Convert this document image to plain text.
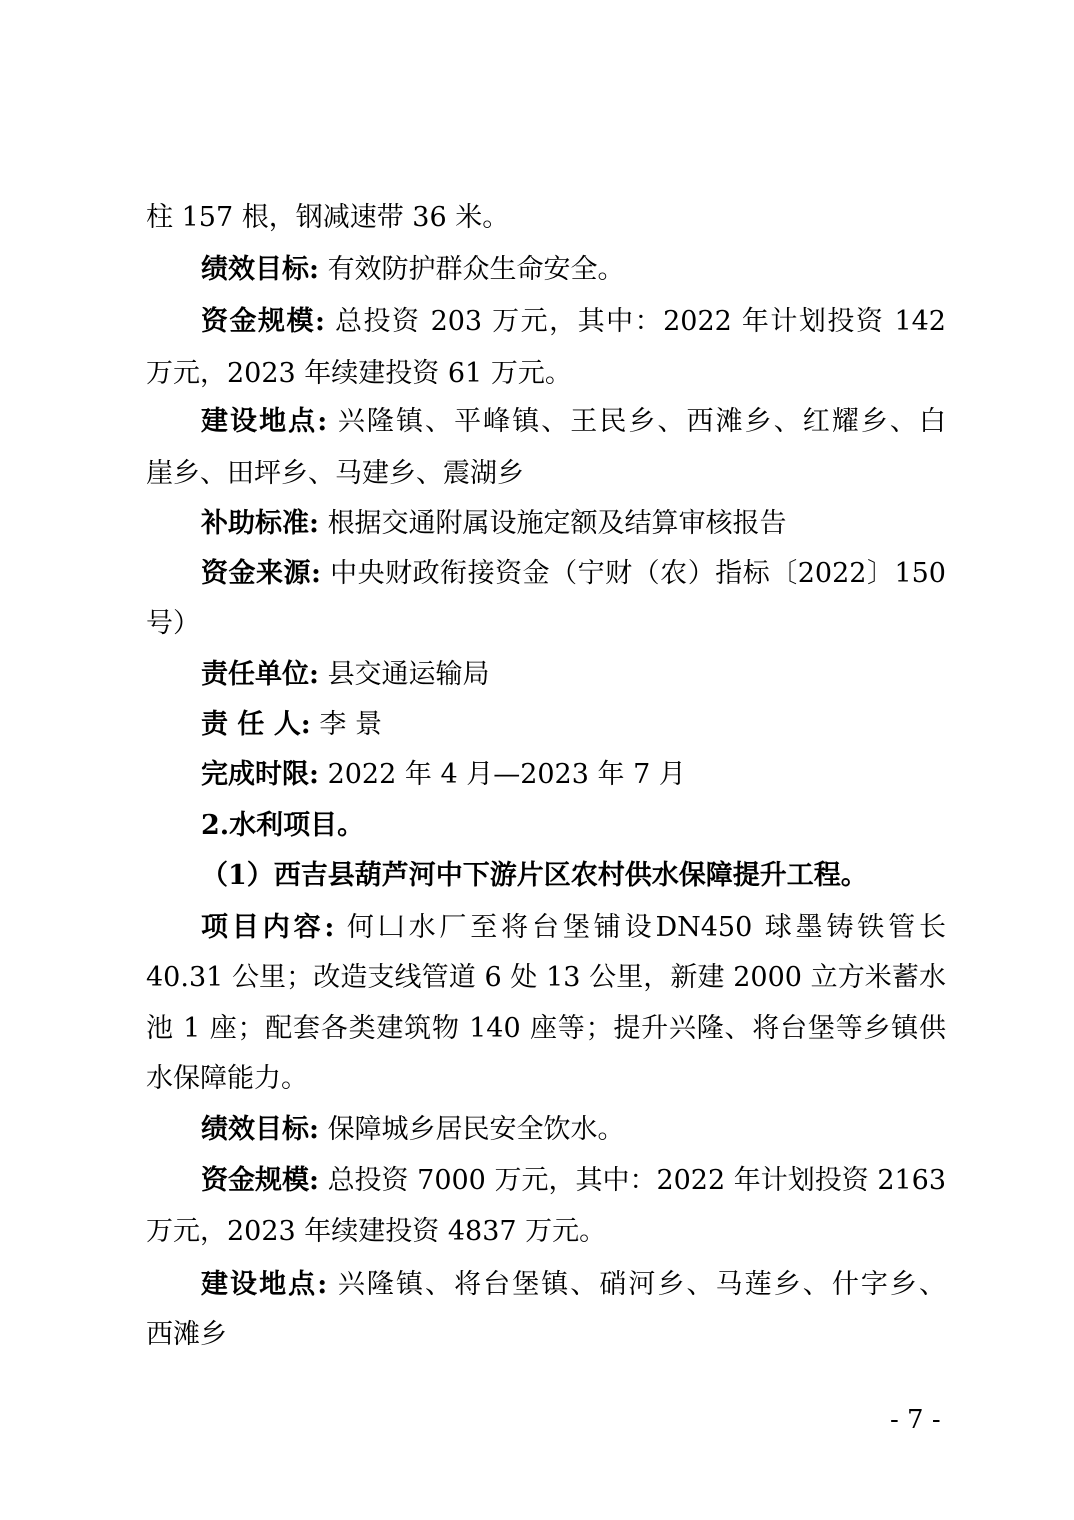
柱 157 根，钢减速带 36 米。
绩效目标: 有效防护群众生命安全。
资金规模: 总投资 203 万元，其中：2022 年计划投资 142
万元，2023 年续建投资 61 万元。
建设地点: 兴隆镇、平峰镇、王民乡、西滩乡、红耀乡、白
崖乡、田坪乡、马建乡、震湖乡
补助标准: 根据交通附属设施定额及结算审核报告
资金来源: 中央财政衔接资金（宁财（农）指标〔2022〕150
号）
责任单位: 县交通运输局
责 任 人: 李 景
完成时限: 2022 年 4 月—2023 年 7 月
2.水利项目。
（1）西吉县葫芦河中下游片区农村供水保障提升工程。
项目内容: 何⼐水厂至将台堡铺设DN450 球墨铸铁管长
40.31 公里；改造支线管道 6 处 13 公里，新建 2000 立方米蓄水
池 1 座；配套各类建筑物 140 座等；提升兴隆、将台堡等乡镇供
水保障能力。
绩效目标: 保障城乡居民安全饮水。
资金规模: 总投资 7000 万元，其中：2022 年计划投资 2163
万元，2023 年续建投资 4837 万元。
建设地点: 兴隆镇、将台堡镇、硝河乡、马莲乡、什字乡、
西滩乡
- 7 -
